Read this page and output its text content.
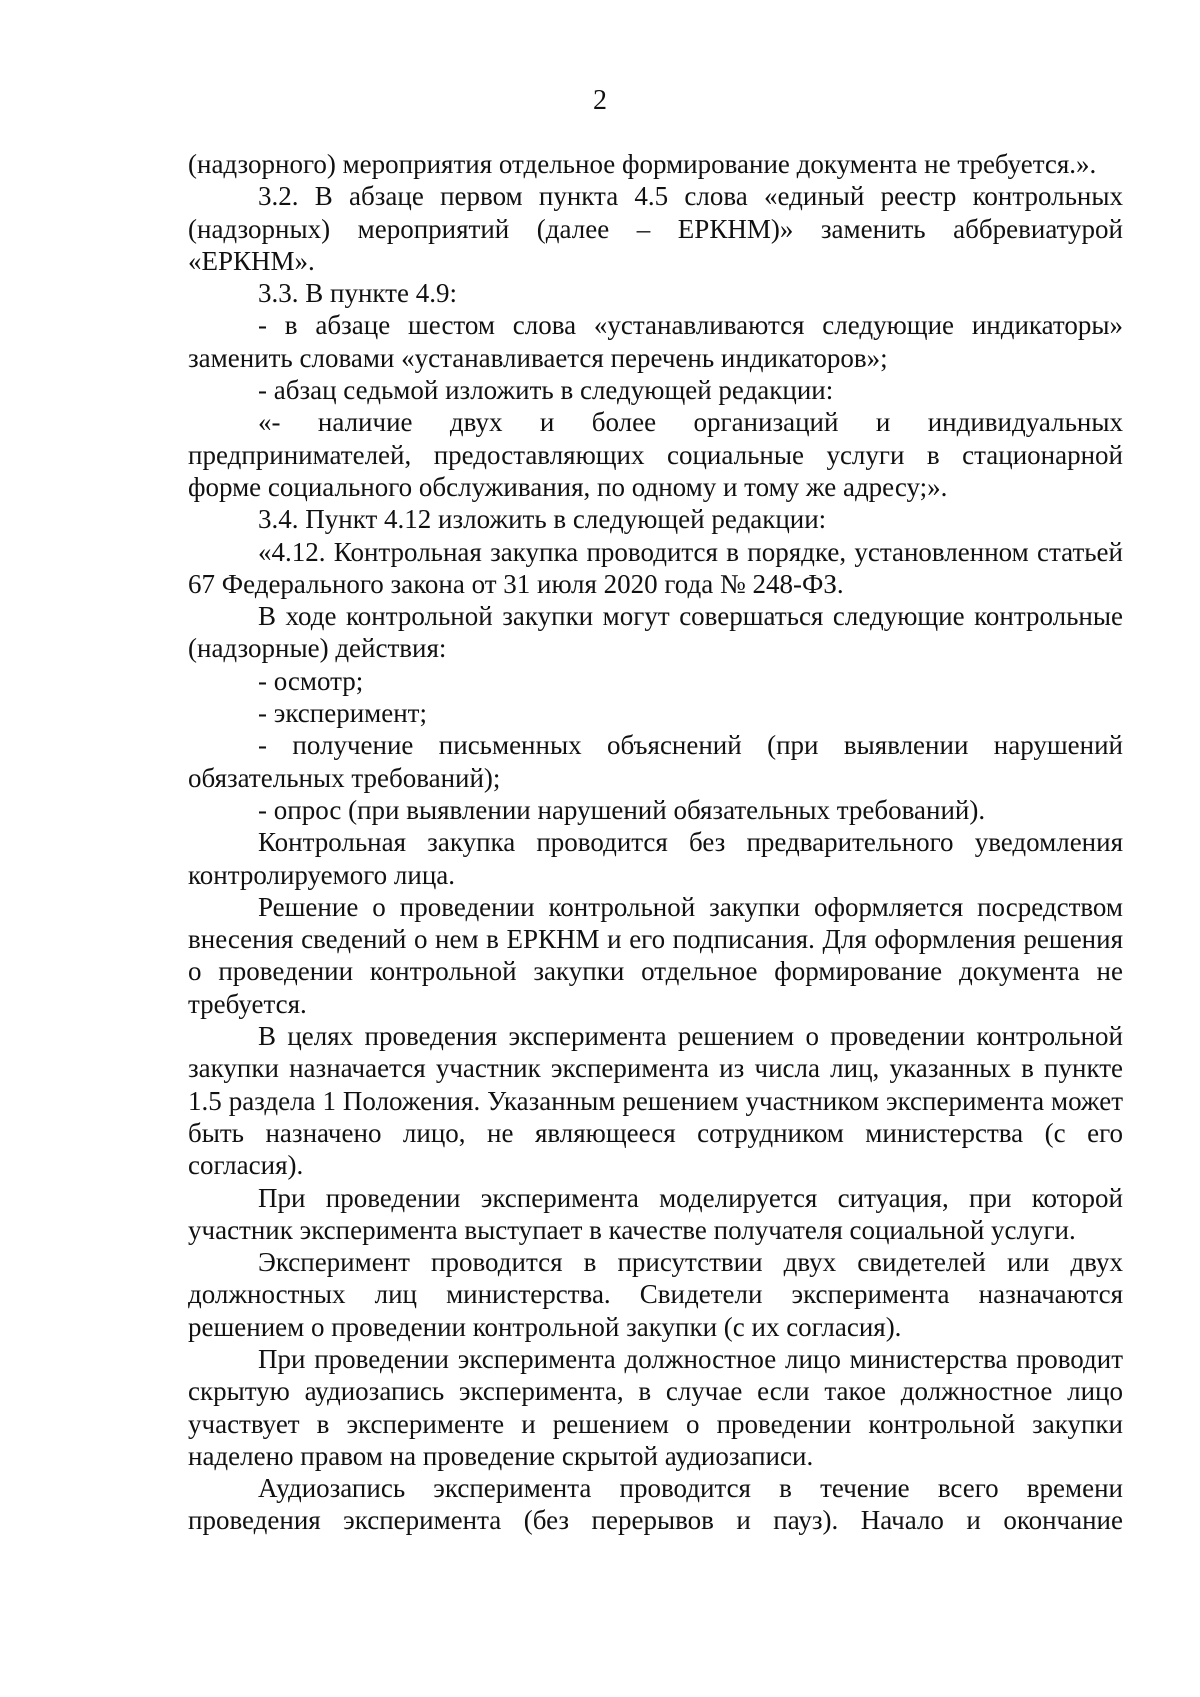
2

(надзорного) мероприятия отдельное формирование документа не требуется.».

3.2. В абзаце первом пункта 4.5 слова «единый реестр контрольных (надзорных) мероприятий (далее – ЕРКНМ)» заменить аббревиатурой «ЕРКНМ».

3.3. В пункте 4.9:

- в абзаце шестом слова «устанавливаются следующие индикаторы» заменить словами «устанавливается перечень индикаторов»;

- абзац седьмой изложить в следующей редакции:

«- наличие двух и более организаций и индивидуальных предпринимателей, предоставляющих социальные услуги в стационарной форме социального обслуживания, по одному и тому же адресу;».

3.4. Пункт 4.12 изложить в следующей редакции:

«4.12. Контрольная закупка проводится в порядке, установленном статьей 67 Федерального закона от 31 июля 2020 года № 248-ФЗ.

В ходе контрольной закупки могут совершаться следующие контрольные (надзорные) действия:

- осмотр;

- эксперимент;

- получение письменных объяснений (при выявлении нарушений обязательных требований);

- опрос (при выявлении нарушений обязательных требований).

Контрольная закупка проводится без предварительного уведомления контролируемого лица.

Решение о проведении контрольной закупки оформляется посредством внесения сведений о нем в ЕРКНМ и его подписания. Для оформления решения о проведении контрольной закупки отдельное формирование документа не требуется.

В целях проведения эксперимента решением о проведении контрольной закупки назначается участник эксперимента из числа лиц, указанных в пункте 1.5 раздела 1 Положения. Указанным решением участником эксперимента может быть назначено лицо, не являющееся сотрудником министерства (с его согласия).

При проведении эксперимента моделируется ситуация, при которой участник эксперимента выступает в качестве получателя социальной услуги.

Эксперимент проводится в присутствии двух свидетелей или двух должностных лиц министерства. Свидетели эксперимента назначаются решением о проведении контрольной закупки (с их согласия).

При проведении эксперимента должностное лицо министерства проводит скрытую аудиозапись эксперимента, в случае если такое должностное лицо участвует в эксперименте и решением о проведении контрольной закупки наделено правом на проведение скрытой аудиозаписи.

Аудиозапись эксперимента проводится в течение всего времени проведения эксперимента (без перерывов и пауз). Начало и окончание
